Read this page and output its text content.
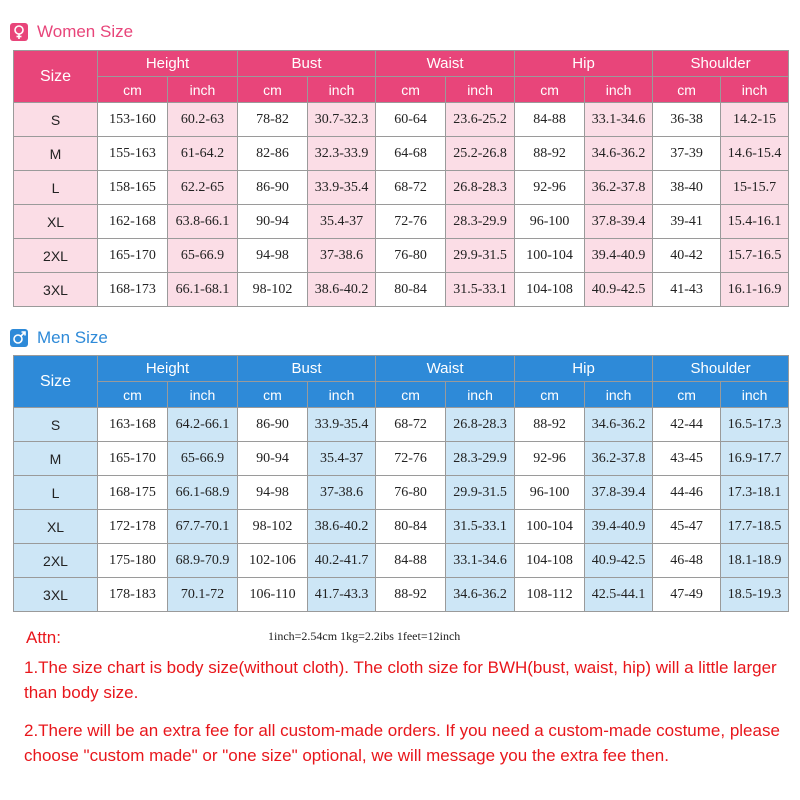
Women Size
Size	Height		Bust		Waist		Hip		Shoulder	
	cm	inch	cm	inch	cm	inch	cm	inch	cm	inch
S	153-160	60.2-63	78-82	30.7-32.3	60-64	23.6-25.2	84-88	33.1-34.6	36-38	14.2-15
M	155-163	61-64.2	82-86	32.3-33.9	64-68	25.2-26.8	88-92	34.6-36.2	37-39	14.6-15.4
L	158-165	62.2-65	86-90	33.9-35.4	68-72	26.8-28.3	92-96	36.2-37.8	38-40	15-15.7
XL	162-168	63.8-66.1	90-94	35.4-37	72-76	28.3-29.9	96-100	37.8-39.4	39-41	15.4-16.1
2XL	165-170	65-66.9	94-98	37-38.6	76-80	29.9-31.5	100-104	39.4-40.9	40-42	15.7-16.5
3XL	168-173	66.1-68.1	98-102	38.6-40.2	80-84	31.5-33.1	104-108	40.9-42.5	41-43	16.1-16.9
Men Size
Size	Height		Bust		Waist		Hip		Shoulder	
	cm	inch	cm	inch	cm	inch	cm	inch	cm	inch
S	163-168	64.2-66.1	86-90	33.9-35.4	68-72	26.8-28.3	88-92	34.6-36.2	42-44	16.5-17.3
M	165-170	65-66.9	90-94	35.4-37	72-76	28.3-29.9	92-96	36.2-37.8	43-45	16.9-17.7
L	168-175	66.1-68.9	94-98	37-38.6	76-80	29.9-31.5	96-100	37.8-39.4	44-46	17.3-18.1
XL	172-178	67.7-70.1	98-102	38.6-40.2	80-84	31.5-33.1	100-104	39.4-40.9	45-47	17.7-18.5
2XL	175-180	68.9-70.9	102-106	40.2-41.7	84-88	33.1-34.6	104-108	40.9-42.5	46-48	18.1-18.9
3XL	178-183	70.1-72	106-110	41.7-43.3	88-92	34.6-36.2	108-112	42.5-44.1	47-49	18.5-19.3
Attn:	1inch=2.54cm 1kg=2.2ibs 1feet=12inch
1.The size chart is body size(without cloth). The cloth size for BWH(bust, waist, hip) will a little larger than body size.
2.There will be an extra fee for all custom-made orders. If you need a custom-made costume, please choose "custom made" or "one size" optional, we will message you the extra fee then.
